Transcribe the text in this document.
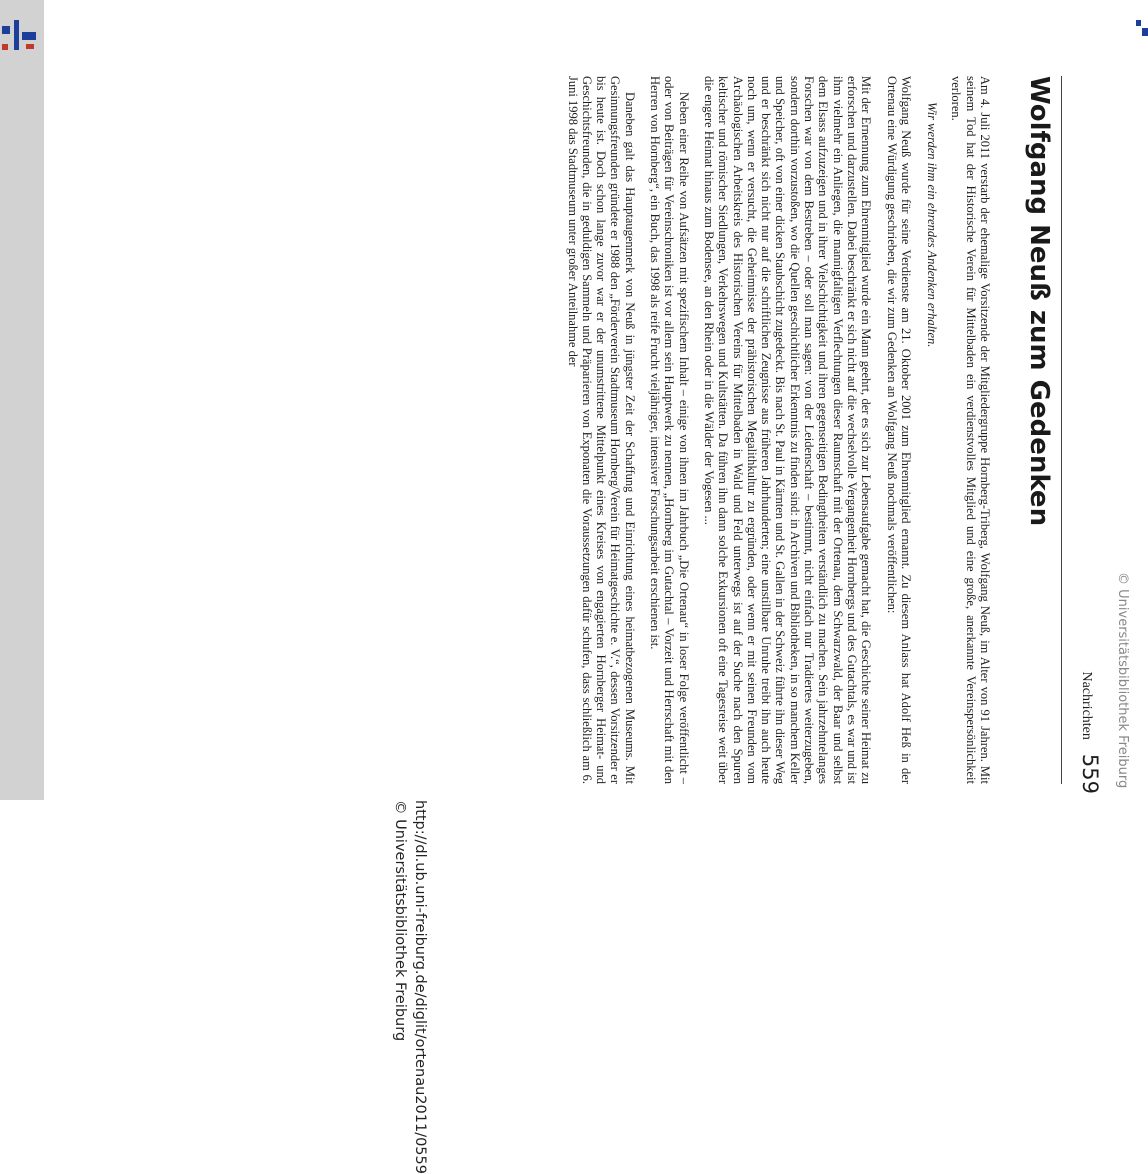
© Universitätsbibliothek Freiburg
http://dl.ub.uni-freiburg.de/diglit/ortenau2011/0559
© Universitätsbibliothek Freiburg
Nachrichten
559
Wolfgang Neuß zum Gedenken

Am 4. Juli 2011 verstarb der ehemalige Vorsitzende der Mitgliedergruppe Hornberg-Triberg, Wolfgang Neuß, im Alter von 91 Jahren. Mit seinem Tod hat der Historische Verein für Mittelbaden ein verdienstvolles Mitglied und eine große, anerkannte Vereinspersönlichkeit verloren.

Wir werden ihm ein ehrendes Andenken erhalten.

Wolfgang Neuß wurde für seine Verdienste am 21. Oktober 2001 zum Ehrenmitglied ernannt. Zu diesem Anlass hat Adolf Heß in der Ortenau eine Würdigung geschrieben, die wir zum Gedenken an Wolfgang Neuß nochmals veröffentlichen:

Mit der Ernennung zum Ehrenmitglied wurde ein Mann geehrt, der es sich zur Lebensaufgabe gemacht hat, die Geschichte seiner Heimat zu erforschen und darzustellen. Dabei beschränkt er sich nicht auf die wechselvolle Vergangenheit Hornbergs und des Gutachtals, es war und ist ihm vielmehr ein Anliegen, die mannigfaltigen Verflechtungen dieser Raumschaft mit der Ortenau, dem Schwarzwald, der Baar und selbst dem Elsass aufzuzeigen und in ihrer Vielschichtigkeit und ihren gegenseitigen Bedingtheiten verständlich zu machen. Sein jahrzehntelanges Forschen war von dem Bestreben – oder soll man sagen: von der Leidenschaft – bestimmt, nicht einfach nur Tradiertes weiterzugeben, sondern dorthin vorzustoßen, wo die Quellen geschichtlicher Erkenntnis zu finden sind: in Archiven und Bibliotheken, in so manchem Keller und Speicher, oft von einer dicken Staubschicht zugedeckt. Bis nach St. Paul in Kärnten und St. Gallen in der Schweiz führte ihn dieser Weg und er beschränkt sich nicht nur auf die schriftlichen Zeugnisse aus früheren Jahrhunderten; eine unstillbare Unruhe treibt ihn auch heute noch um, wenn er versucht, die Geheimnisse der prähistorischen Megalithkultur zu ergründen, oder wenn er mit seinen Freunden vom Archäologischen Arbeitskreis des Historischen Vereins für Mittelbaden in Wald und Feld unterwegs ist auf der Suche nach den Spuren keltischer und römischer Siedlungen, Verkehrswegen und Kultstätten. Da führen ihn dann solche Exkursionen oft eine Tagesreise weit über die engere Heimat hinaus zum Bodensee, an den Rhein oder in die Wälder der Vogesen ...

Neben einer Reihe von Aufsätzen mit spezifischem Inhalt – einige von ihnen im Jahrbuch „Die Ortenau“ in loser Folge veröffentlicht – oder von Beiträgen für Vereinschroniken ist vor allem sein Hauptwerk zu nennen, „Hornberg im Gutachtal – Vorzeit und Herrschaft mit den Herren von Hornberg“, ein Buch, das 1998 als reife Frucht vieljähriger, intensiver Forschungsarbeit erschienen ist.

Daneben galt das Hauptaugenmerk von Neuß in jüngster Zeit der Schaffung und Einrichtung eines heimatbezogenen Museums. Mit Gesinnungsfreunden gründete er 1988 den „Förderverein Stadtmuseum Hornberg/Verein für Heimatgeschichte e. V.“, dessen Vorsitzender er bis heute ist. Doch schon lange zuvor war er der unumstrittene Mittelpunkt eines Kreises von engagierten Hornberger Heimat- und Geschichtsfreunden, die in geduldigen Sammeln und Präparieren von Exponaten die Voraussetzungen dafür schufen, dass schließlich am 6. Juni 1998 das Stadtmuseum unter großer Anteilnahme der
